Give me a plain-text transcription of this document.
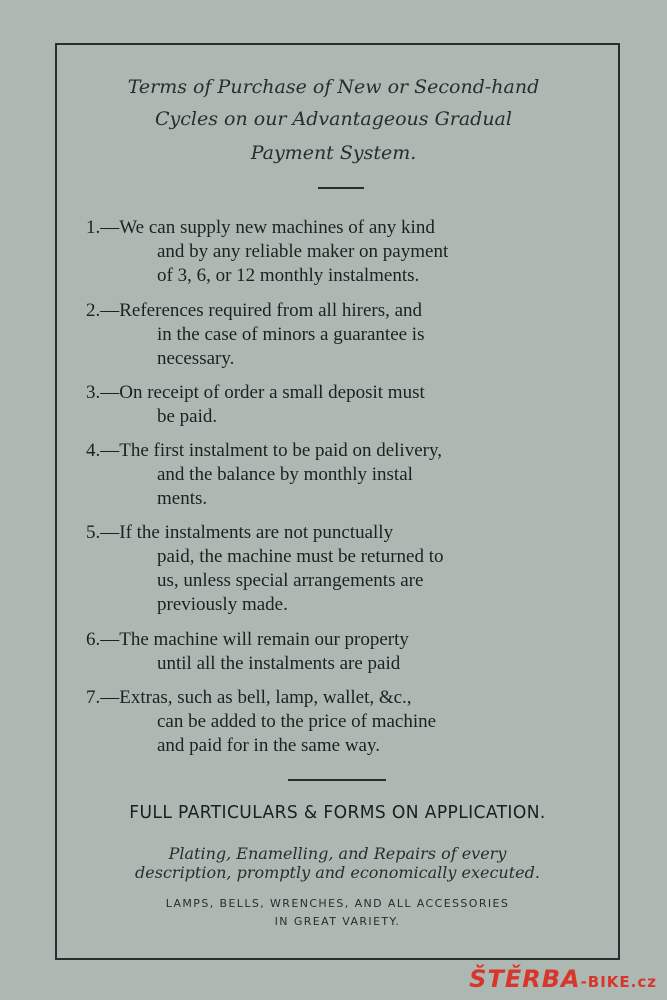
Terms of Purchase of New or Second-hand
Cycles on our Advantageous Gradual
Payment System.
1.—We can supply new machines of any kind
and by any reliable maker on payment
of 3, 6, or 12 monthly instalments.
2.—References required from all hirers, and
in the case of minors a guarantee is
necessary.
3.—On receipt of order a small deposit must
be paid.
4.—The first instalment to be paid on delivery,
and the balance by monthly instal
ments.
5.—If the instalments are not punctually
paid, the machine must be returned to
us, unless special arrangements are
previously made.
6.—The machine will remain our property
until all the instalments are paid
7.—Extras, such as bell, lamp, wallet, &c.,
can be added to the price of machine
and paid for in the same way.
FULL PARTICULARS & FORMS ON APPLICATION.
Plating, Enamelling, and Repairs of every
description, promptly and economically executed.
LAMPS, BELLS, WRENCHES, AND ALL ACCESSORIES
IN GREAT VARIETY.
ŠTĚRBA-BIKE.cz
